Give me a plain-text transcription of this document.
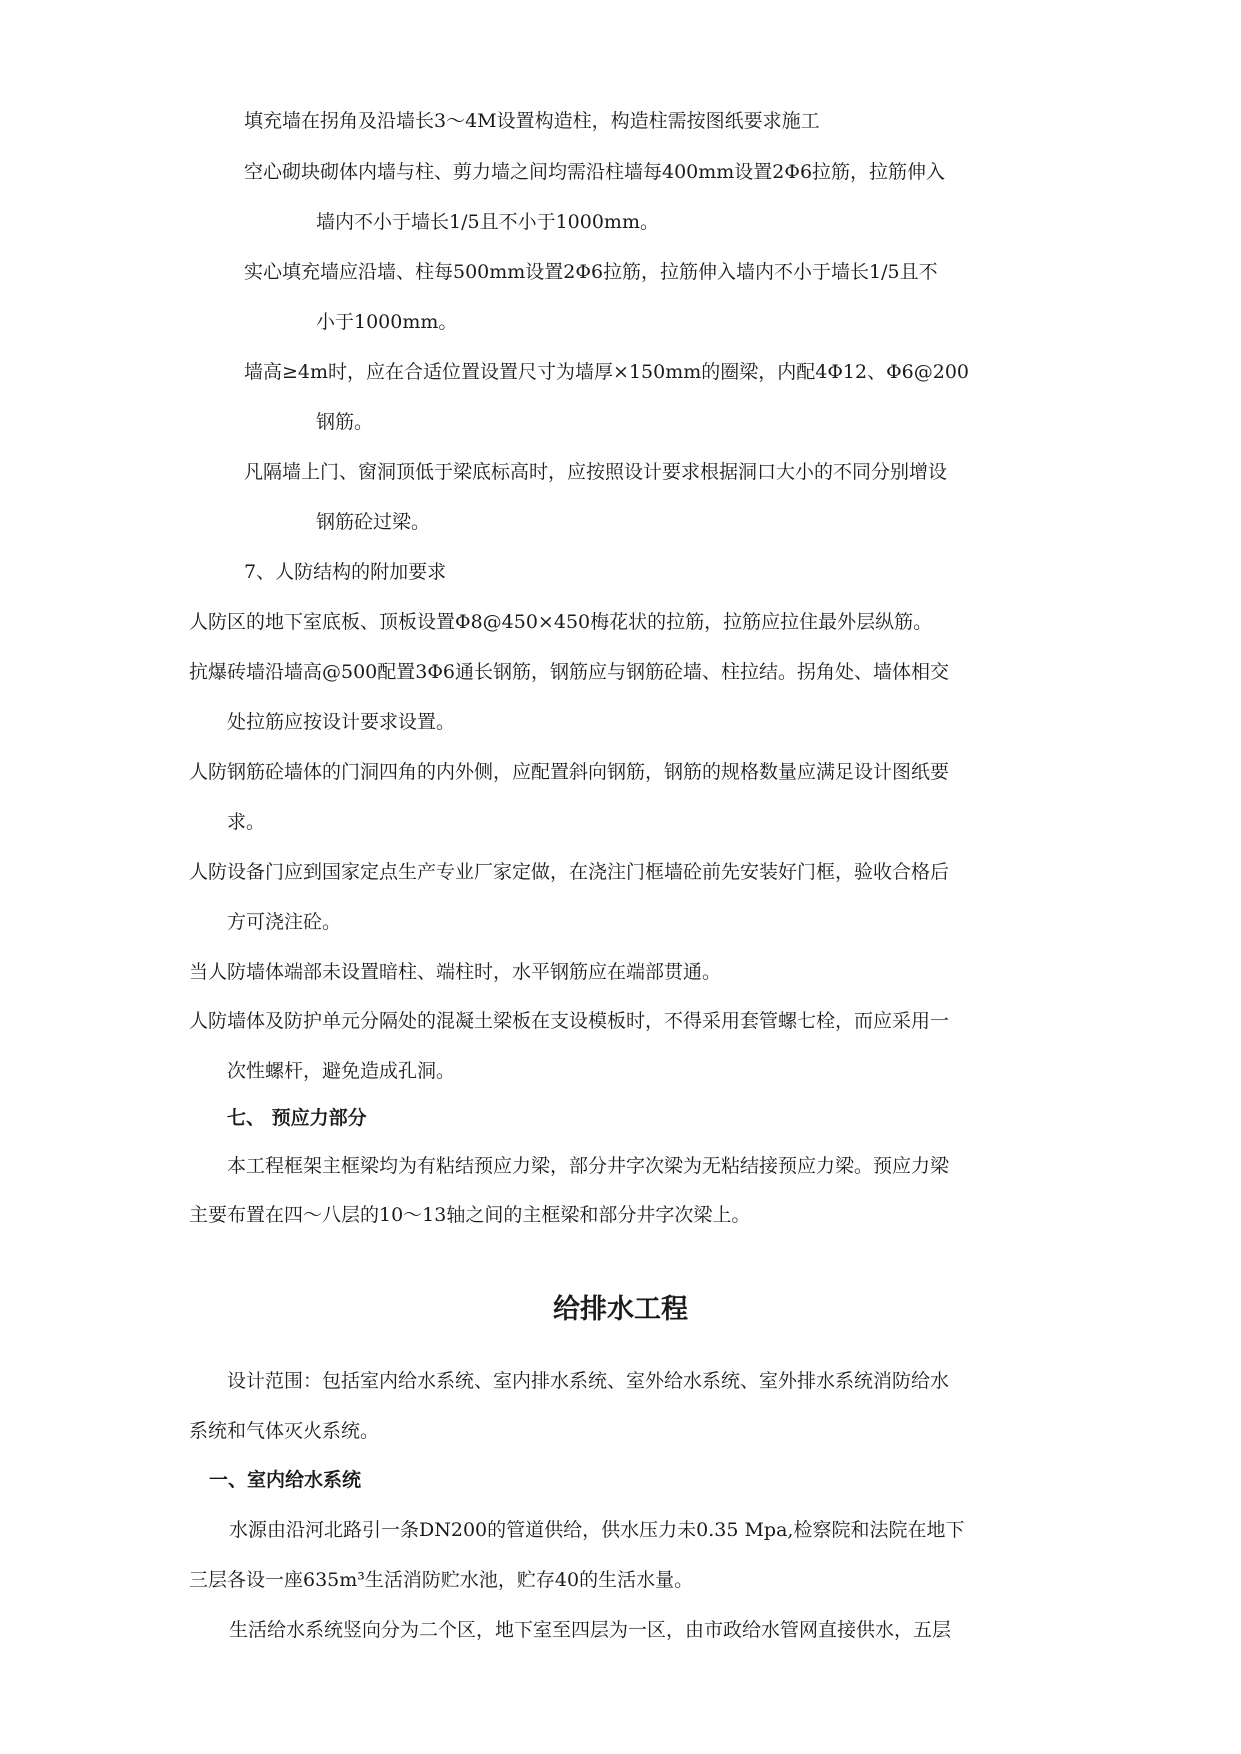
填充墙在拐角及沿墙长3～4M设置构造柱，构造柱需按图纸要求施工
空心砌块砌体内墙与柱、剪力墙之间均需沿柱墙每400mm设置2Φ6拉筋，拉筋伸入
墙内不小于墙长1/5且不小于1000mm。
实心填充墙应沿墙、柱每500mm设置2Φ6拉筋，拉筋伸入墙内不小于墙长1/5且不
小于1000mm。
墙高≥4m时，应在合适位置设置尺寸为墙厚×150mm的圈梁，内配4Φ12、Φ6@200
钢筋。
凡隔墙上门、窗洞顶低于梁底标高时，应按照设计要求根据洞口大小的不同分别增设
钢筋砼过梁。
7、人防结构的附加要求
人防区的地下室底板、顶板设置Φ8@450×450梅花状的拉筋，拉筋应拉住最外层纵筋。
抗爆砖墙沿墙高@500配置3Φ6通长钢筋，钢筋应与钢筋砼墙、柱拉结。拐角处、墙体相交
处拉筋应按设计要求设置。
人防钢筋砼墙体的门洞四角的内外侧，应配置斜向钢筋，钢筋的规格数量应满足设计图纸要
求。
人防设备门应到国家定点生产专业厂家定做，在浇注门框墙砼前先安装好门框，验收合格后
方可浇注砼。
当人防墙体端部未设置暗柱、端柱时，水平钢筋应在端部贯通。
人防墙体及防护单元分隔处的混凝土梁板在支设模板时，不得采用套管螺七栓，而应采用一
次性螺杆，避免造成孔洞。
七、 预应力部分
本工程框架主框梁均为有粘结预应力梁，部分井字次梁为无粘结接预应力梁。预应力梁
主要布置在四～八层的10～13轴之间的主框梁和部分井字次梁上。
给排水工程
设计范围：包括室内给水系统、室内排水系统、室外给水系统、室外排水系统消防给水
系统和气体灭火系统。
一、室内给水系统
水源由沿河北路引一条DN200的管道供给，供水压力未0.35 Mpa,检察院和法院在地下
三层各设一座635m³生活消防贮水池，贮存40的生活水量。
生活给水系统竖向分为二个区，地下室至四层为一区，由市政给水管网直接供水，五层
